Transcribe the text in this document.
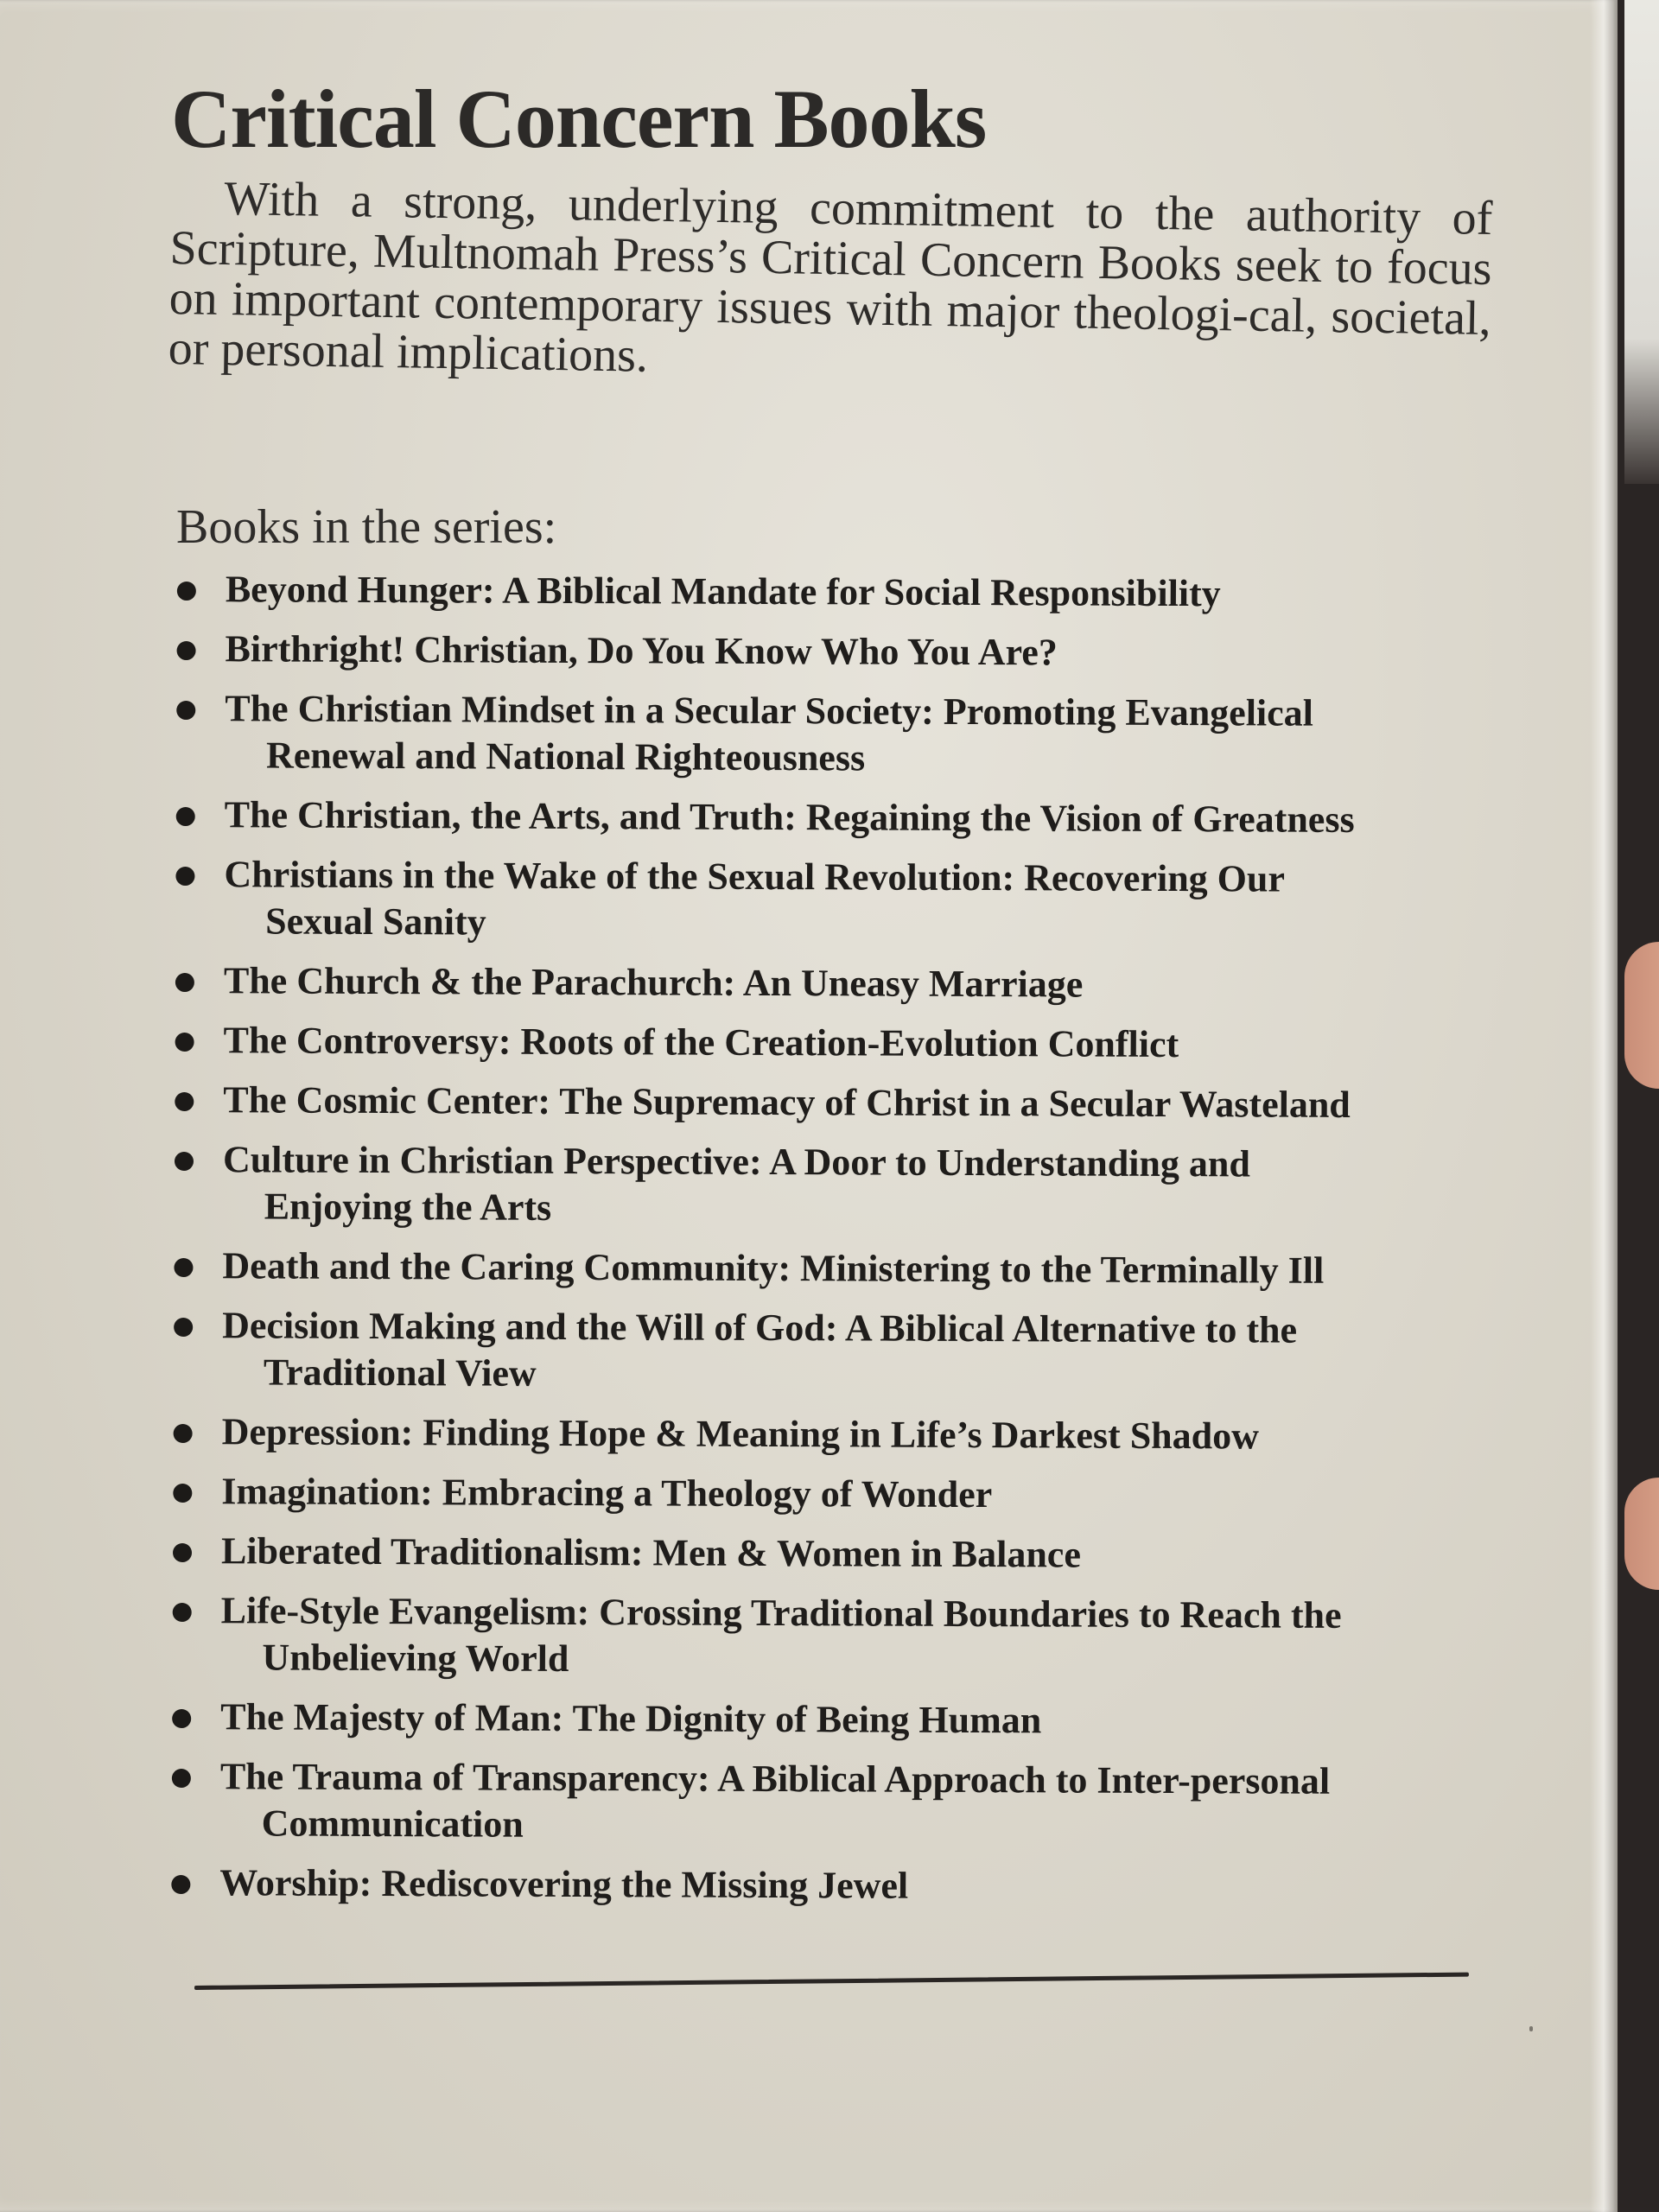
Critical Concern Books

With a strong, underlying commitment to the authority of Scripture, Multnomah Press’s Critical Concern Books seek to focus on important contemporary issues with major theologi-cal, societal, or personal implications.

Books in the series:

Beyond Hunger: A Biblical Mandate for Social Responsibility
Birthright! Christian, Do You Know Who You Are?
The Christian Mindset in a Secular Society: Promoting Evangelical
Renewal and National Righteousness
The Christian, the Arts, and Truth: Regaining the Vision of Greatness
Christians in the Wake of the Sexual Revolution: Recovering Our
Sexual Sanity
The Church & the Parachurch: An Uneasy Marriage
The Controversy: Roots of the Creation-Evolution Conflict
The Cosmic Center: The Supremacy of Christ in a Secular Wasteland
Culture in Christian Perspective: A Door to Understanding and
Enjoying the Arts
Death and the Caring Community: Ministering to the Terminally Ill
Decision Making and the Will of God: A Biblical Alternative to the
Traditional View
Depression: Finding Hope & Meaning in Life’s Darkest Shadow
Imagination: Embracing a Theology of Wonder
Liberated Traditionalism: Men & Women in Balance
Life-Style Evangelism: Crossing Traditional Boundaries to Reach the
Unbelieving World
The Majesty of Man: The Dignity of Being Human
The Trauma of Transparency: A Biblical Approach to Inter-personal
Communication
Worship: Rediscovering the Missing Jewel
